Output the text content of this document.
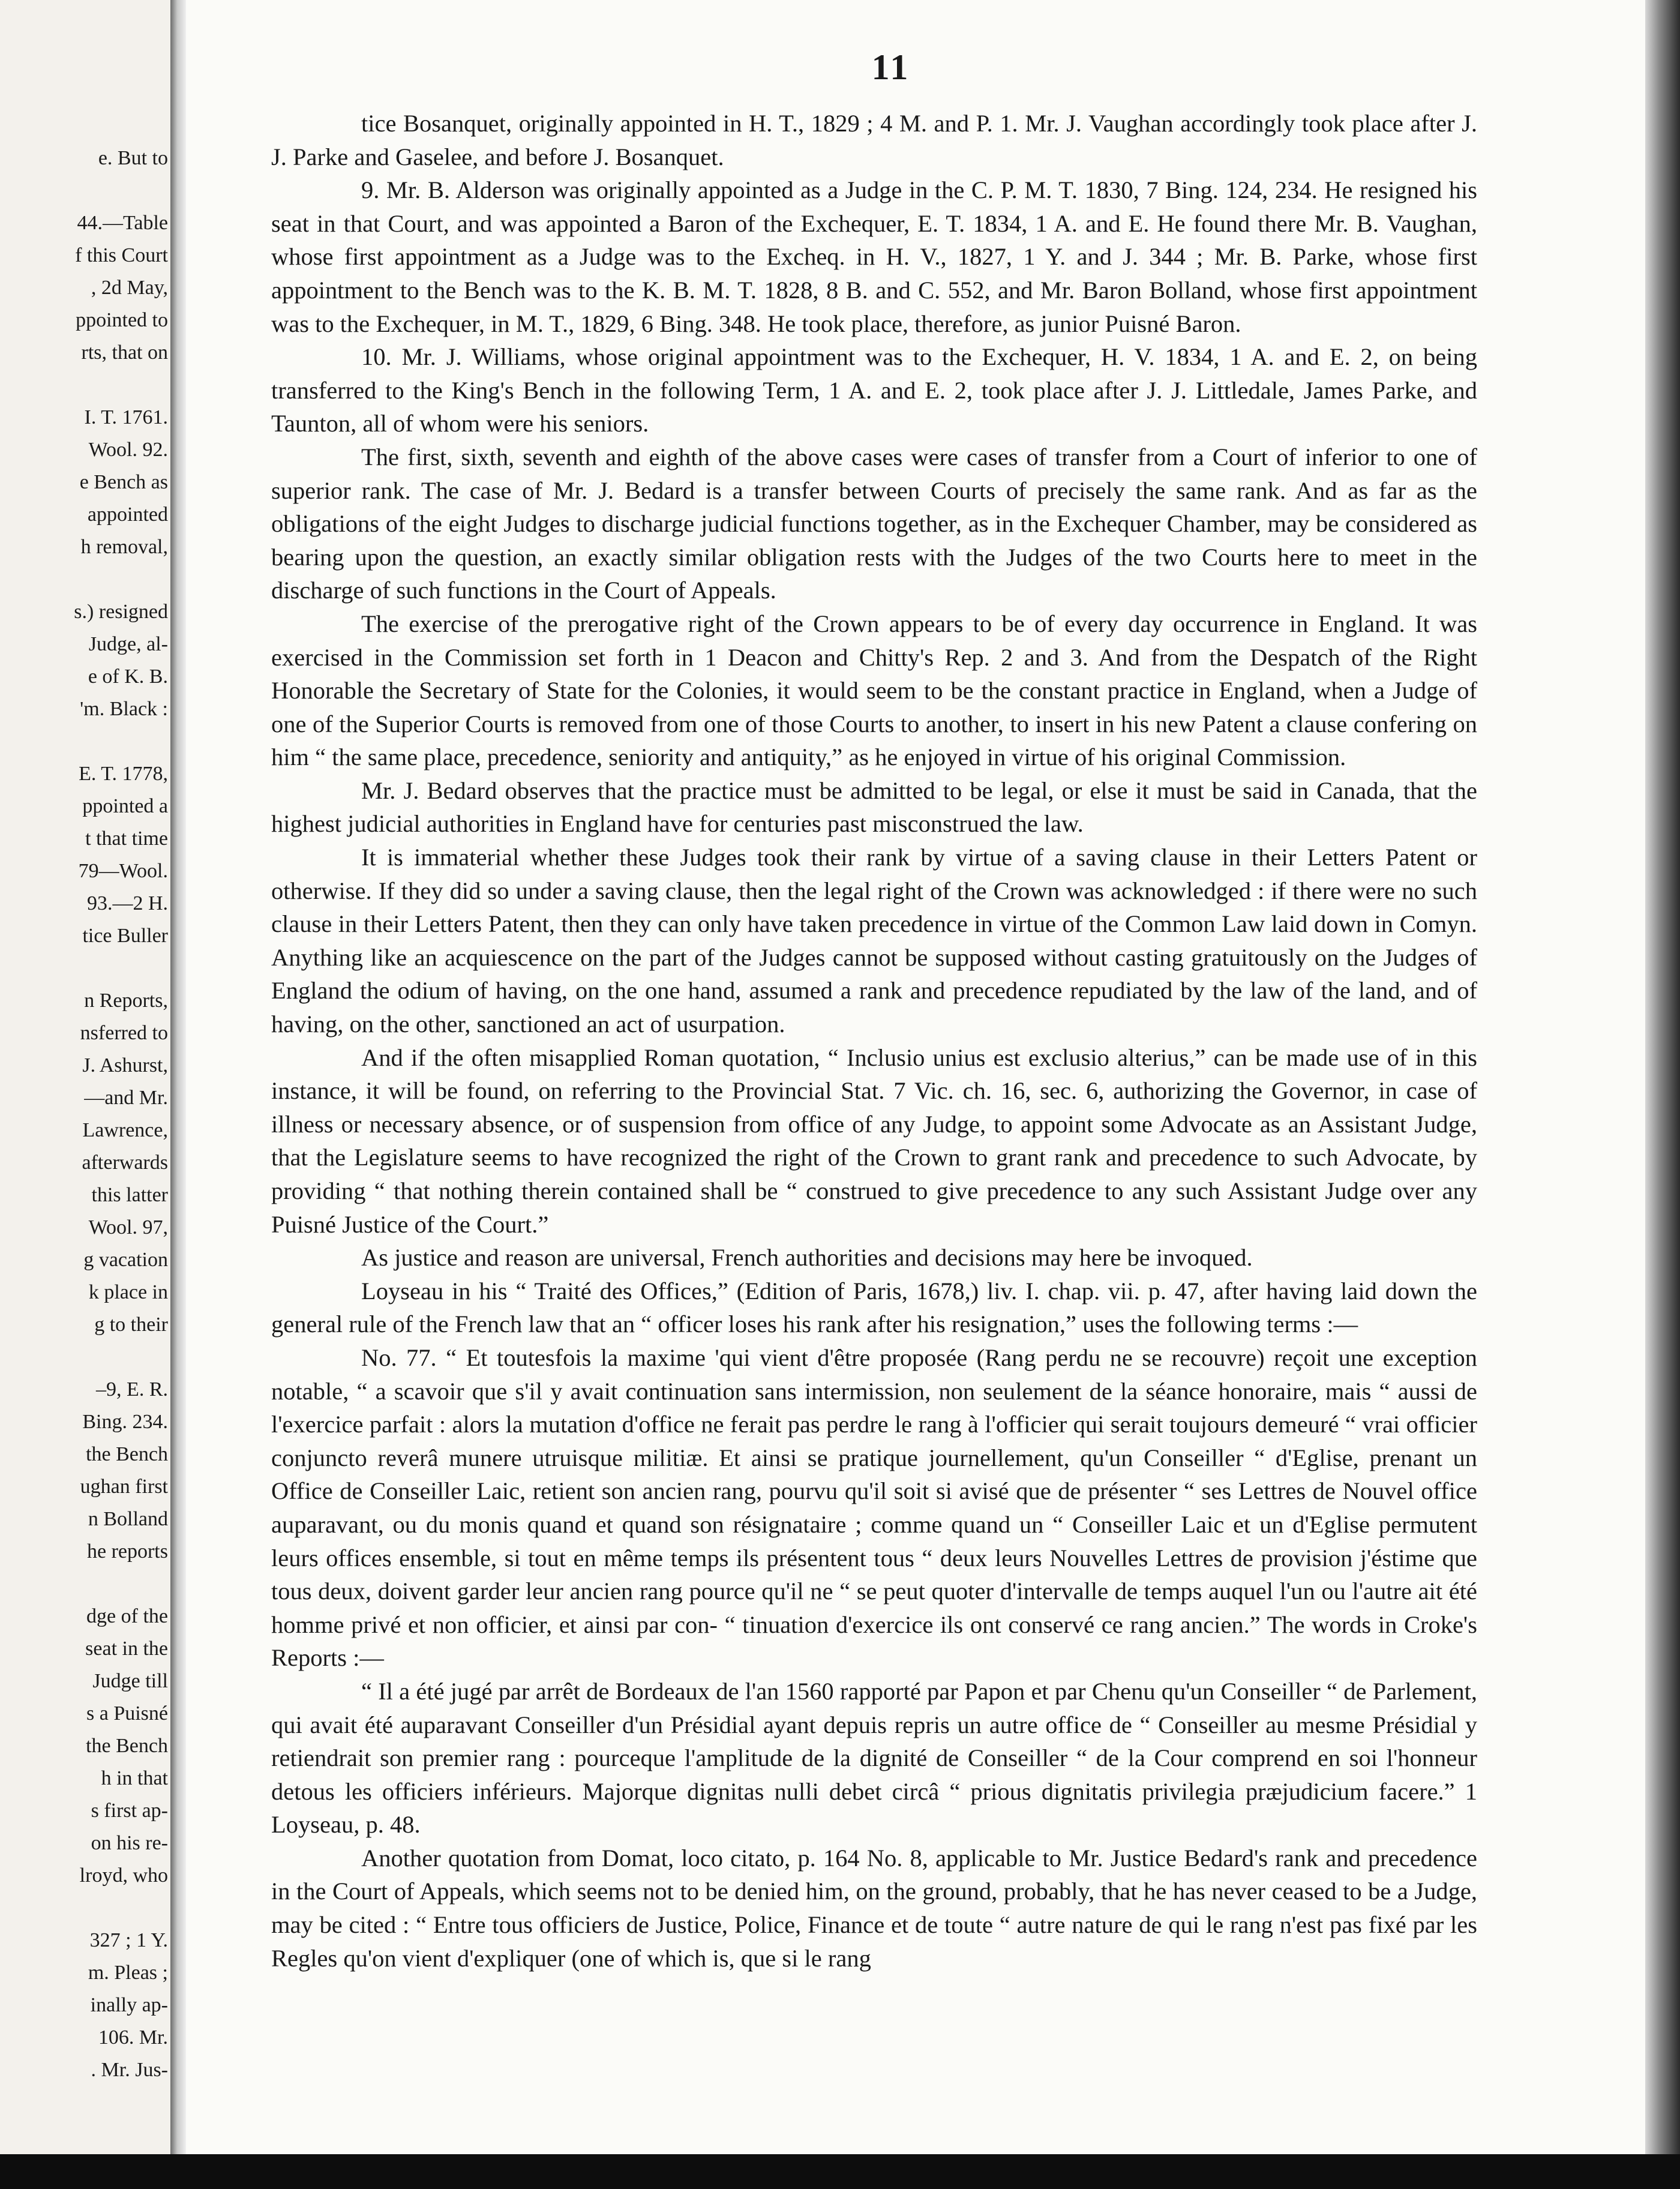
e. But to
44.—Table
f this Court
, 2d May,
ppointed to
rts, that on
I. T. 1761.
Wool. 92.
e Bench as
appointed
h removal,
s.) resigned
Judge, al-
e of K. B.
'm. Black :
E. T. 1778,
ppointed a
t that time
79—Wool.
93.—2 H.
tice Buller
n Reports,
nsferred to
J. Ashurst,
—and Mr.
Lawrence,
afterwards
this latter
Wool. 97,
g vacation
k place in
g to their
–9, E. R.
Bing. 234.
the Bench
ughan first
n Bolland
he reports
dge of the
seat in the
Judge till
s a Puisné
the Bench
h in that
s first ap-
on his re-
lroyd, who
327 ; 1 Y.
m. Pleas ;
inally ap-
106. Mr.
. Mr. Jus-
11

tice Bosanquet, originally appointed in H. T., 1829 ; 4 M. and P. 1. Mr. J. Vaughan accordingly took place after J. J. Parke and Gaselee, and before J. Bosanquet.

9. Mr. B. Alderson was originally appointed as a Judge in the C. P. M. T. 1830, 7 Bing. 124, 234. He resigned his seat in that Court, and was appointed a Baron of the Exchequer, E. T. 1834, 1 A. and E. He found there Mr. B. Vaughan, whose first appointment as a Judge was to the Excheq. in H. V., 1827, 1 Y. and J. 344 ; Mr. B. Parke, whose first appointment to the Bench was to the K. B. M. T. 1828, 8 B. and C. 552, and Mr. Baron Bolland, whose first appointment was to the Exchequer, in M. T., 1829, 6 Bing. 348. He took place, therefore, as junior Puisné Baron.

10. Mr. J. Williams, whose original appointment was to the Exchequer, H. V. 1834, 1 A. and E. 2, on being transferred to the King's Bench in the following Term, 1 A. and E. 2, took place after J. J. Littledale, James Parke, and Taunton, all of whom were his seniors.

The first, sixth, seventh and eighth of the above cases were cases of transfer from a Court of inferior to one of superior rank. The case of Mr. J. Bedard is a transfer between Courts of precisely the same rank. And as far as the obligations of the eight Judges to discharge judicial functions together, as in the Exchequer Chamber, may be considered as bearing upon the question, an exactly similar obligation rests with the Judges of the two Courts here to meet in the discharge of such functions in the Court of Appeals.

The exercise of the prerogative right of the Crown appears to be of every day occurrence in England. It was exercised in the Commission set forth in 1 Deacon and Chitty's Rep. 2 and 3. And from the Despatch of the Right Honorable the Secretary of State for the Colonies, it would seem to be the constant practice in England, when a Judge of one of the Superior Courts is removed from one of those Courts to another, to insert in his new Patent a clause confering on him “ the same place, precedence, seniority and antiquity,” as he enjoyed in virtue of his original Commission.

Mr. J. Bedard observes that the practice must be admitted to be legal, or else it must be said in Canada, that the highest judicial authorities in England have for centuries past misconstrued the law.

It is immaterial whether these Judges took their rank by virtue of a saving clause in their Letters Patent or otherwise. If they did so under a saving clause, then the legal right of the Crown was acknowledged : if there were no such clause in their Letters Patent, then they can only have taken precedence in virtue of the Common Law laid down in Comyn. Anything like an acquiescence on the part of the Judges cannot be supposed without casting gratuitously on the Judges of England the odium of having, on the one hand, assumed a rank and precedence repudiated by the law of the land, and of having, on the other, sanctioned an act of usurpation.

And if the often misapplied Roman quotation, “ Inclusio unius est exclusio alterius,” can be made use of in this instance, it will be found, on referring to the Provincial Stat. 7 Vic. ch. 16, sec. 6, authorizing the Governor, in case of illness or necessary absence, or of suspension from office of any Judge, to appoint some Advocate as an Assistant Judge, that the Legislature seems to have recognized the right of the Crown to grant rank and precedence to such Advocate, by providing “ that nothing therein contained shall be “ construed to give precedence to any such Assistant Judge over any Puisné Justice of the Court.”

As justice and reason are universal, French authorities and decisions may here be invoqued.

Loyseau in his “ Traité des Offices,” (Edition of Paris, 1678,) liv. I. chap. vii. p. 47, after having laid down the general rule of the French law that an “ officer loses his rank after his resignation,” uses the following terms :—

No. 77. “ Et toutesfois la maxime 'qui vient d'être proposée (Rang perdu ne se recouvre) reçoit une exception notable, “ a scavoir que s'il y avait continuation sans intermission, non seulement de la séance honoraire, mais “ aussi de l'exercice parfait : alors la mutation d'office ne ferait pas perdre le rang à l'officier qui serait toujours demeuré “ vrai officier conjuncto reverâ munere utruisque militiæ. Et ainsi se pratique journellement, qu'un Conseiller “ d'Eglise, prenant un Office de Conseiller Laic, retient son ancien rang, pourvu qu'il soit si avisé que de présenter “ ses Lettres de Nouvel office auparavant, ou du monis quand et quand son résignataire ; comme quand un “ Conseiller Laic et un d'Eglise permutent leurs offices ensemble, si tout en même temps ils présentent tous “ deux leurs Nouvelles Lettres de provision j'éstime que tous deux, doivent garder leur ancien rang pource qu'il ne “ se peut quoter d'intervalle de temps auquel l'un ou l'autre ait été homme privé et non officier, et ainsi par con- “ tinuation d'exercice ils ont conservé ce rang ancien.” The words in Croke's Reports :—

“ Il a été jugé par arrêt de Bordeaux de l'an 1560 rapporté par Papon et par Chenu qu'un Conseiller “ de Parlement, qui avait été auparavant Conseiller d'un Présidial ayant depuis repris un autre office de “ Conseiller au mesme Présidial y retiendrait son premier rang : pourceque l'amplitude de la dignité de Conseiller “ de la Cour comprend en soi l'honneur detous les officiers inférieurs. Majorque dignitas nulli debet circâ “ prious dignitatis privilegia præjudicium facere.” 1 Loyseau, p. 48.

Another quotation from Domat, loco citato, p. 164 No. 8, applicable to Mr. Justice Bedard's rank and precedence in the Court of Appeals, which seems not to be denied him, on the ground, probably, that he has never ceased to be a Judge, may be cited : “ Entre tous officiers de Justice, Police, Finance et de toute “ autre nature de qui le rang n'est pas fixé par les Regles qu'on vient d'expliquer (one of which is, que si le rang
